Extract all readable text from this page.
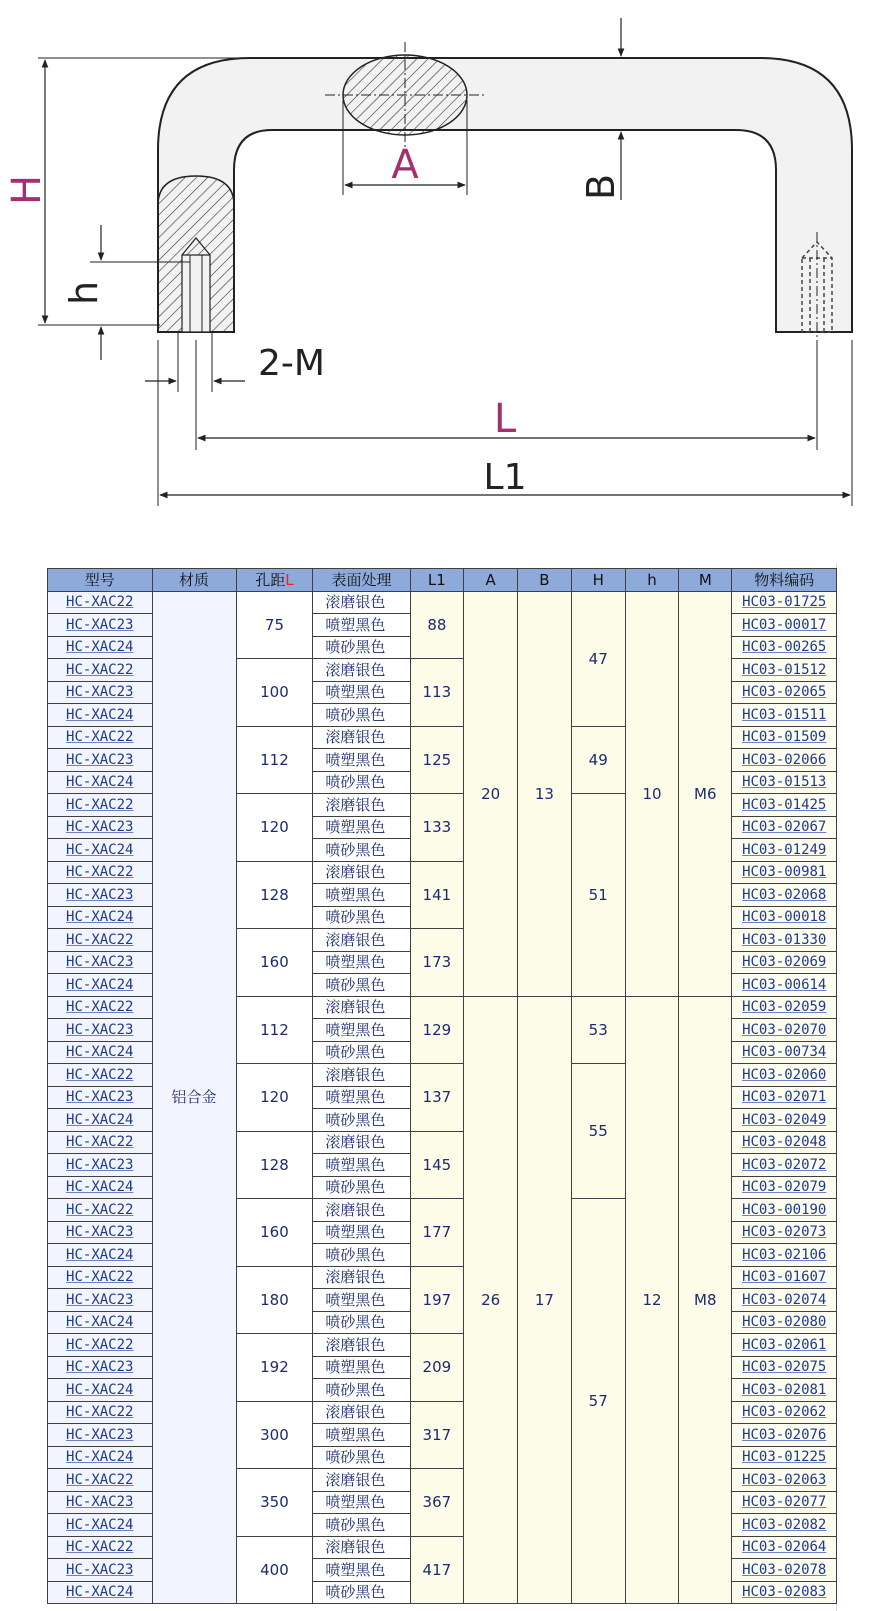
A	B
H
h
2-M
L
L1
型号	材质	孔距L	表面处理	L1	A	B	H	h	M	物料编码
HC-XAC22	铝合金	75	滚磨银色	88	20	13	47	10	M6	HC03-01725
HC-XAC23			喷塑黑色							HC03-00017
HC-XAC24			喷砂黑色							HC03-00265
HC-XAC22		100	滚磨银色	113						HC03-01512
HC-XAC23			喷塑黑色							HC03-02065
HC-XAC24			喷砂黑色							HC03-01511
HC-XAC22		112	滚磨银色	125			49			HC03-01509
HC-XAC23			喷塑黑色							HC03-02066
HC-XAC24			喷砂黑色							HC03-01513
HC-XAC22		120	滚磨银色	133			51			HC03-01425
HC-XAC23			喷塑黑色							HC03-02067
HC-XAC24			喷砂黑色							HC03-01249
HC-XAC22		128	滚磨银色	141						HC03-00981
HC-XAC23			喷塑黑色							HC03-02068
HC-XAC24			喷砂黑色							HC03-00018
HC-XAC22		160	滚磨银色	173						HC03-01330
HC-XAC23			喷塑黑色							HC03-02069
HC-XAC24			喷砂黑色							HC03-00614
HC-XAC22		112	滚磨银色	129	26	17	53	12	M8	HC03-02059
HC-XAC23			喷塑黑色							HC03-02070
HC-XAC24			喷砂黑色							HC03-00734
HC-XAC22		120	滚磨银色	137			55			HC03-02060
HC-XAC23			喷塑黑色							HC03-02071
HC-XAC24			喷砂黑色							HC03-02049
HC-XAC22		128	滚磨银色	145						HC03-02048
HC-XAC23			喷塑黑色							HC03-02072
HC-XAC24			喷砂黑色							HC03-02079
HC-XAC22		160	滚磨银色	177			57			HC03-00190
HC-XAC23			喷塑黑色							HC03-02073
HC-XAC24			喷砂黑色							HC03-02106
HC-XAC22		180	滚磨银色	197						HC03-01607
HC-XAC23			喷塑黑色							HC03-02074
HC-XAC24			喷砂黑色							HC03-02080
HC-XAC22		192	滚磨银色	209						HC03-02061
HC-XAC23			喷塑黑色							HC03-02075
HC-XAC24			喷砂黑色							HC03-02081
HC-XAC22		300	滚磨银色	317						HC03-02062
HC-XAC23			喷塑黑色							HC03-02076
HC-XAC24			喷砂黑色							HC03-01225
HC-XAC22		350	滚磨银色	367						HC03-02063
HC-XAC23			喷塑黑色							HC03-02077
HC-XAC24			喷砂黑色							HC03-02082
HC-XAC22		400	滚磨银色	417						HC03-02064
HC-XAC23			喷塑黑色							HC03-02078
HC-XAC24			喷砂黑色							HC03-02083
